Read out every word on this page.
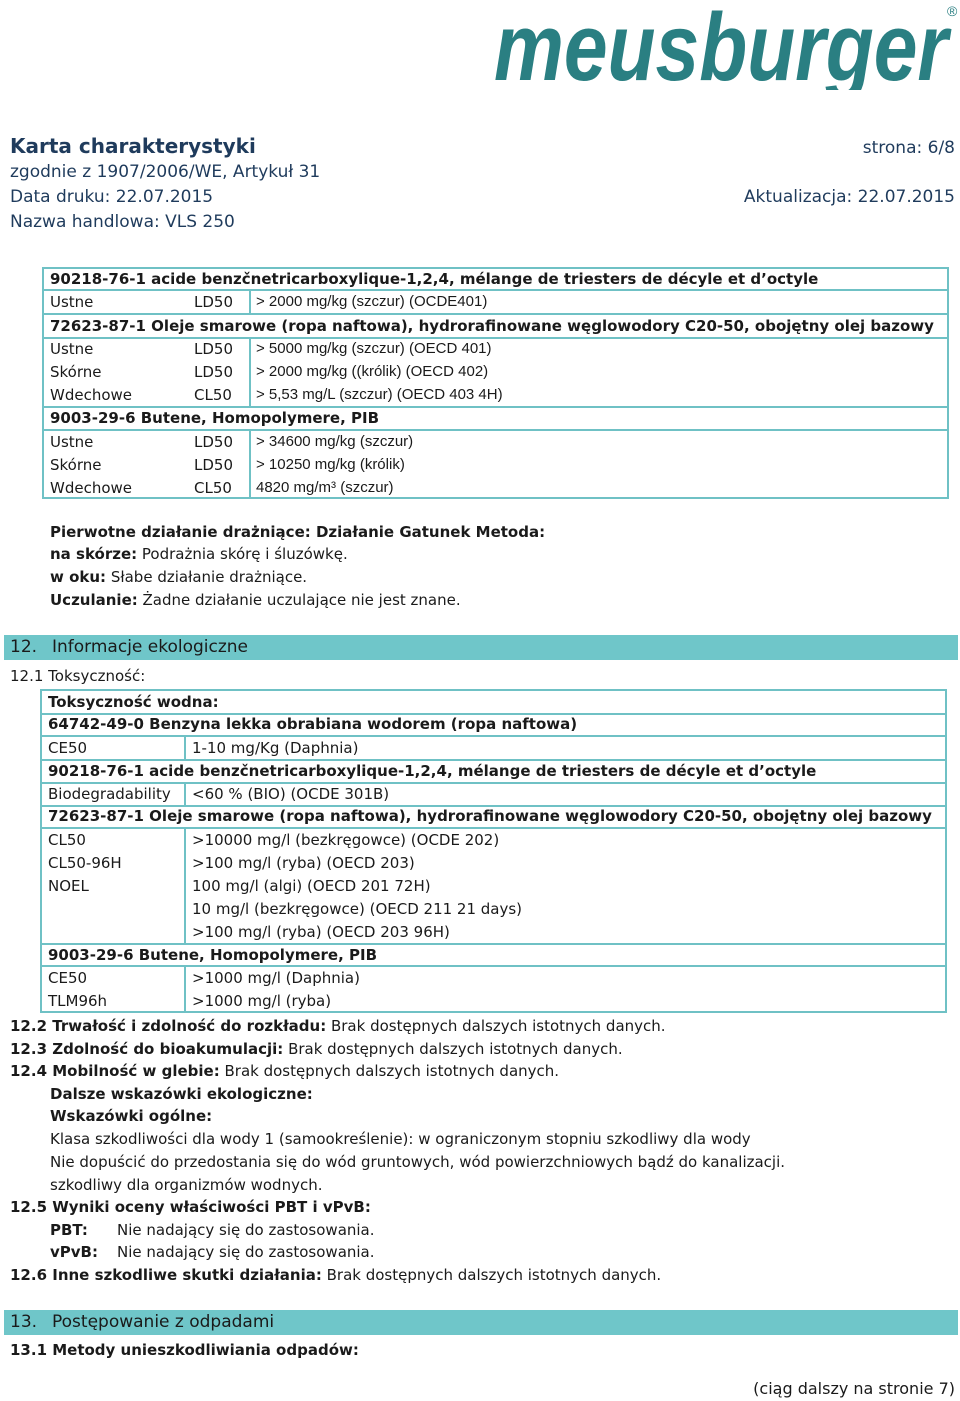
meusburger
®
Karta charakterystyki	strona: 6/8
zgodnie z 1907/2006/WE, Artykuł 31
Data druku: 22.07.2015	Aktualizacja: 22.07.2015
Nazwa handlowa: VLS 250
90218-76-1 acide benzčnetricarboxylique-1,2,4, mélange de triesters de décyle et d’octyle
Ustne	LD50 > 2000 mg/kg (szczur) (OCDE401)
72623-87-1 Oleje smarowe (ropa naftowa), hydrorafinowane węglowodory C20-50, obojętny olej bazowy
Ustne	LD50 > 5000 mg/kg (szczur) (OECD 401)
Skórne	LD50 > 2000 mg/kg ((królik) (OECD 402)
Wdechowe	CL50 > 5,53 mg/L (szczur) (OECD 403 4H)
9003-29-6 Butene, Homopolymere, PIB
Ustne	LD50 > 34600 mg/kg (szczur)
Skórne	LD50 > 10250 mg/kg (królik)
Wdechowe	CL50 4820 mg/m³ (szczur)
Pierwotne działanie drażniące: Działanie Gatunek Metoda:
na skórze: Podrażnia skórę i śluzówkę.
w oku: Słabe działanie drażniące.
Uczulanie: Żadne działanie uczulające nie jest znane.
12. Informacje ekologiczne
12.1 Toksyczność:
Toksyczność wodna:
64742-49-0 Benzyna lekka obrabiana wodorem (ropa naftowa)
CE50	1-10 mg/Kg (Daphnia)
90218-76-1 acide benzčnetricarboxylique-1,2,4, mélange de triesters de décyle et d’octyle
Biodegradability <60 % (BIO) (OCDE 301B)
72623-87-1 Oleje smarowe (ropa naftowa), hydrorafinowane węglowodory C20-50, obojętny olej bazowy
CL50	>10000 mg/l (bezkręgowce) (OCDE 202)
CL50-96H	>100 mg/l (ryba) (OECD 203)
NOEL	100 mg/l (algi) (OECD 201 72H)
10 mg/l (bezkręgowce) (OECD 211 21 days)
>100 mg/l (ryba) (OECD 203 96H)
9003-29-6 Butene, Homopolymere, PIB
CE50	>1000 mg/l (Daphnia)
TLM96h	>1000 mg/l (ryba)
12.2 Trwałość i zdolność do rozkładu: Brak dostępnych dalszych istotnych danych.
12.3 Zdolność do bioakumulacji: Brak dostępnych dalszych istotnych danych.
12.4 Mobilność w glebie: Brak dostępnych dalszych istotnych danych.
Dalsze wskazówki ekologiczne:
Wskazówki ogólne:
Klasa szkodliwości dla wody 1 (samookreślenie): w ograniczonym stopniu szkodliwy dla wody
Nie dopuścić do przedostania się do wód gruntowych, wód powierzchniowych bądź do kanalizacji.
szkodliwy dla organizmów wodnych.
12.5 Wyniki oceny właściwości PBT i vPvB:
PBT: Nie nadający się do zastosowania.
vPvB: Nie nadający się do zastosowania.
12.6 Inne szkodliwe skutki działania: Brak dostępnych dalszych istotnych danych.
13. Postępowanie z odpadami
13.1 Metody unieszkodliwiania odpadów:
(ciąg dalszy na stronie 7)
